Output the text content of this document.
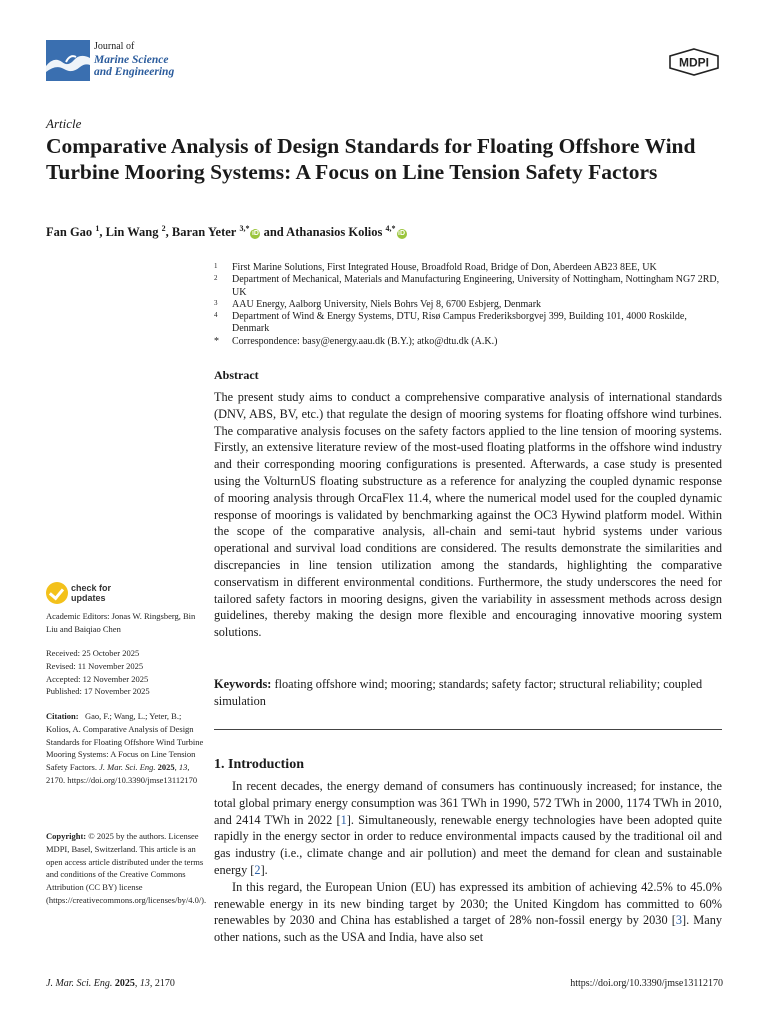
Journal of
Marine Science
and Engineering
MDPI
Article
Comparative Analysis of Design Standards for Floating Offshore Wind Turbine Mooring Systems: A Focus on Line Tension Safety Factors
Fan Gao $^1$, Lin Wang $^2$, Baran Yeter $^{3,*}$iD and Athanasios Kolios $^{4,*}$iD
1 First Marine Solutions, First Integrated House, Broadfold Road, Bridge of Don, Aberdeen AB23 8EE, UK
2 Department of Mechanical, Materials and Manufacturing Engineering, University of Nottingham, Nottingham NG7 2RD, UK
3 AAU Energy, Aalborg University, Niels Bohrs Vej 8, 6700 Esbjerg, Denmark
4 Department of Wind & Energy Systems, DTU, Risø Campus Frederiksborgvej 399, Building 101, 4000 Roskilde, Denmark
* Correspondence: basy@energy.aau.dk (B.Y.); atko@dtu.dk (A.K.)
Abstract
The present study aims to conduct a comprehensive comparative analysis of international standards (DNV, ABS, BV, etc.) that regulate the design of mooring systems for floating offshore wind turbines. The comparative analysis focuses on the safety factors applied to the line tension of mooring systems. Firstly, an extensive literature review of the most-used floating platforms in the offshore wind industry and their corresponding mooring configurations is presented. Afterwards, a case study is presented using the VolturnUS floating substructure as a reference for analyzing the coupled dynamic response of mooring analysis through OrcaFlex 11.4, where the numerical model used for the coupled dynamic response of moorings is validated by benchmarking against the OC3 Hywind platform model. Within the scope of the comparative analysis, all-chain and semi-taut hybrid systems under various operational and survival load conditions are considered. The results demonstrate the similarities and discrepancies in line tension utilization among the standards, highlighting the comparative conservatism in different environmental conditions. Furthermore, the study underscores the need for tailored safety factors in mooring designs, given the variability in assessment methods across design guidelines, thereby making the design more flexible and encouraging innovative mooring system solutions.
Keywords: floating offshore wind; mooring; standards; safety factor; structural reliability; coupled simulation
1. Introduction

In recent decades, the energy demand of consumers has continuously increased; for instance, the total global primary energy consumption was 361 TWh in 1990, 572 TWh in 2000, 1174 TWh in 2010, and 2414 TWh in 2022 [1]. Simultaneously, renewable energy technologies have been adopted quite rapidly in the energy sector in order to reduce environmental impacts caused by the traditional oil and gas industry (i.e., climate change and air pollution) and meet the demand for clean and sustainable energy [2].

In this regard, the European Union (EU) has expressed its ambition of achieving 42.5% to 45.0% renewable energy in its new binding target by 2030; the United Kingdom has committed to 60% renewables by 2030 and China has established a target of 28% non-fossil energy by 2030 [3]. Many other nations, such as the USA and India, have also set

check for
updates
Academic Editors: Jonas W. Ringsberg, Bin Liu and Baiqiao Chen
Received: 25 October 2025
Revised: 11 November 2025
Accepted: 12 November 2025
Published: 17 November 2025
Citation: Gao, F.; Wang, L.; Yeter, B.; Kolios, A. Comparative Analysis of Design Standards for Floating Offshore Wind Turbine Mooring Systems: A Focus on Line Tension Safety Factors. J. Mar. Sci. Eng. 2025, 13, 2170. https://doi.org/10.3390/jmse13112170
Copyright: © 2025 by the authors. Licensee MDPI, Basel, Switzerland. This article is an open access article distributed under the terms and conditions of the Creative Commons Attribution (CC BY) license (https://creativecommons.org/licenses/by/4.0/).
J. Mar. Sci. Eng. 2025, 13, 2170	https://doi.org/10.3390/jmse13112170
